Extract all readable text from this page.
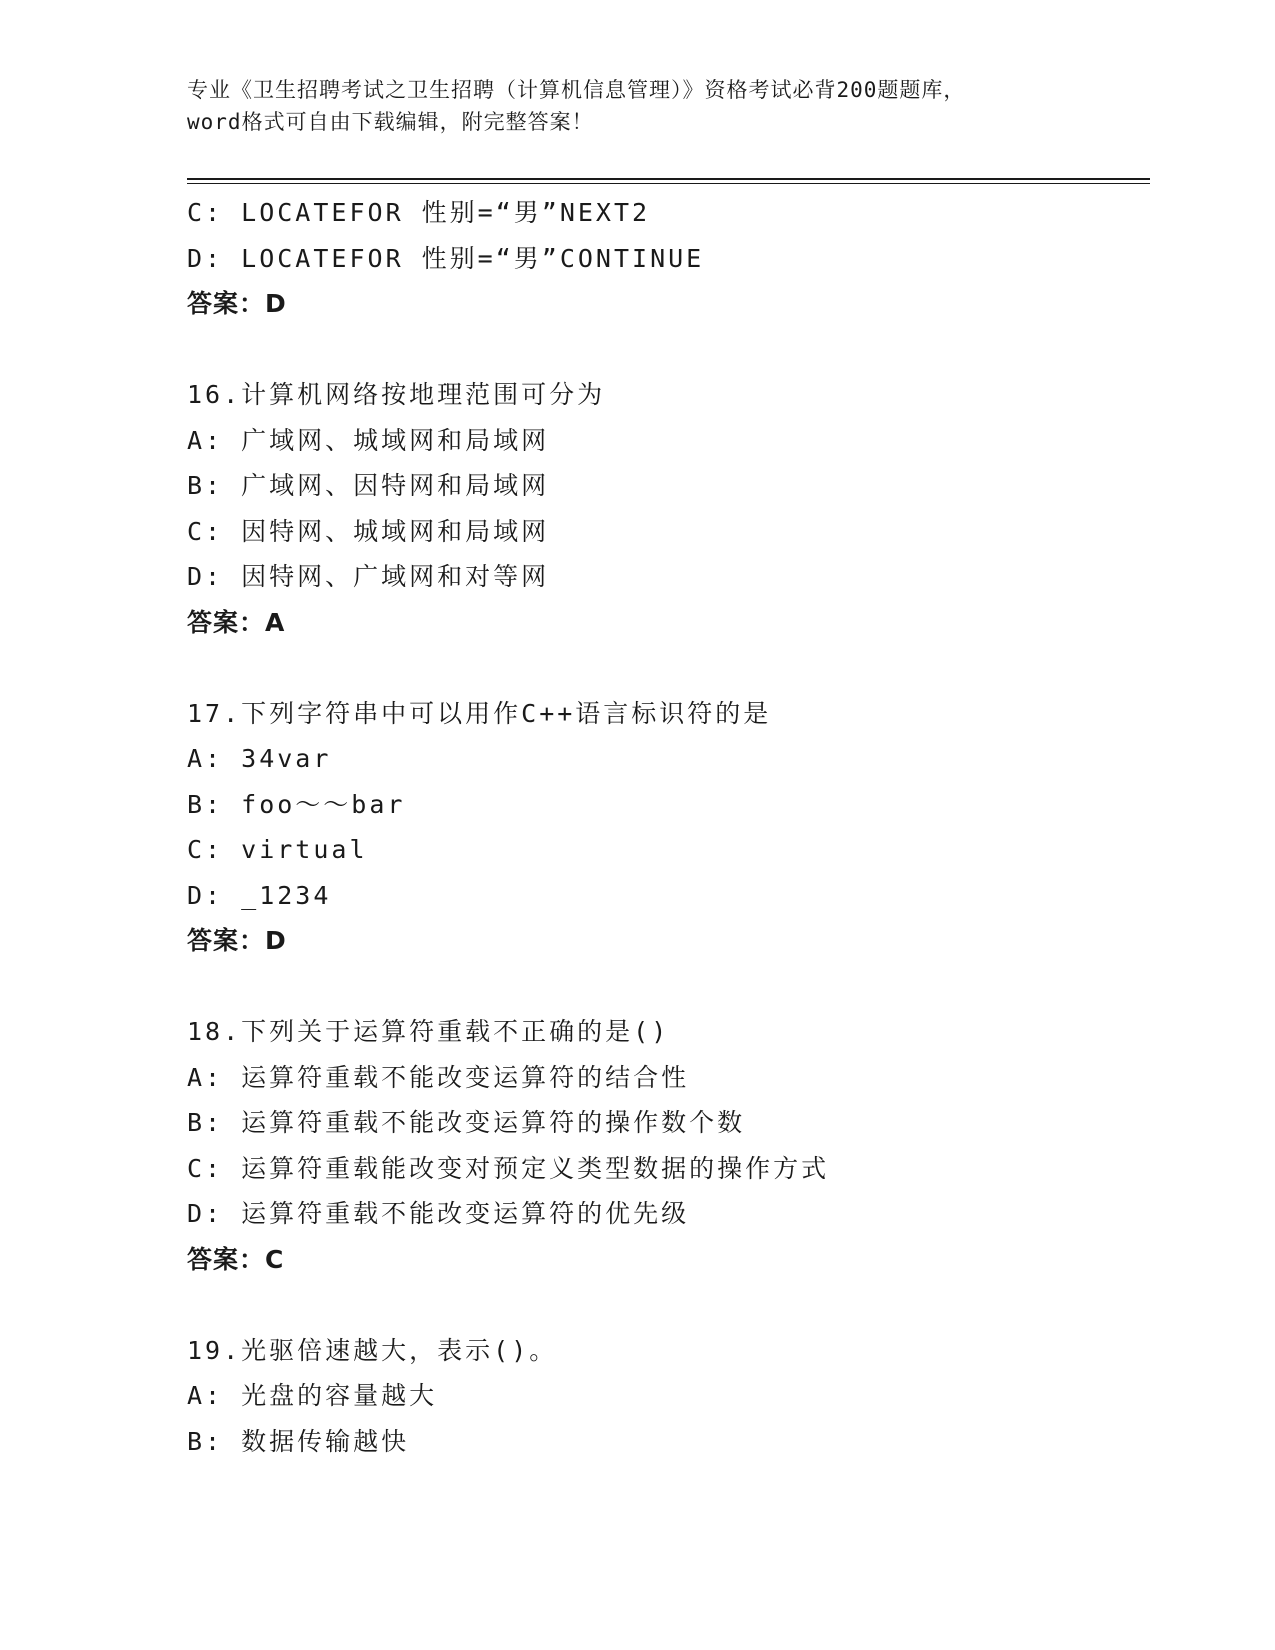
专业《卫生招聘考试之卫生招聘（计算机信息管理）》资格考试必背200题题库，
word格式可自由下载编辑，附完整答案！
C: LOCATEFOR 性别=“男”NEXT2
D: LOCATEFOR 性别=“男”CONTINUE
答案：D
16.计算机网络按地理范围可分为
A: 广域网、城域网和局域网
B: 广域网、因特网和局域网
C: 因特网、城域网和局域网
D: 因特网、广域网和对等网
答案：A
17.下列字符串中可以用作C++语言标识符的是
A: 34var
B: foo～～bar
C: virtual
D: _1234
答案：D
18.下列关于运算符重载不正确的是()
A: 运算符重载不能改变运算符的结合性
B: 运算符重载不能改变运算符的操作数个数
C: 运算符重载能改变对预定义类型数据的操作方式
D: 运算符重载不能改变运算符的优先级
答案：C
19.光驱倍速越大，表示()。
A: 光盘的容量越大
B: 数据传输越快
